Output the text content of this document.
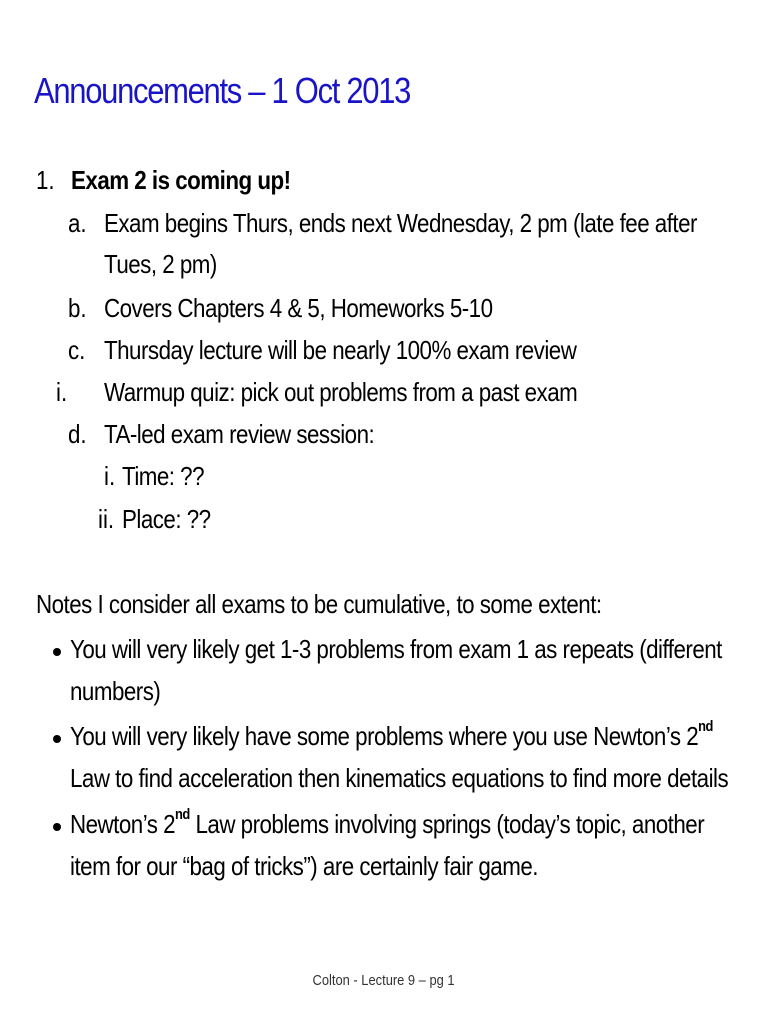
Announcements – 1 Oct 2013
1. Exam 2 is coming up!
a. Exam begins Thurs, ends next Wednesday, 2 pm (late fee after
Tues, 2 pm)
b. Covers Chapters 4 & 5, Homeworks 5-10
c. Thursday lecture will be nearly 100% exam review
i. Warmup quiz: pick out problems from a past exam
d. TA-led exam review session:
i. Time: ??
ii. Place: ??
Notes I consider all exams to be cumulative, to some extent:
You will very likely get 1-3 problems from exam 1 as repeats (different
numbers)
You will very likely have some problems where you use Newton’s 2nd
Law to find acceleration then kinematics equations to find more details
Newton’s 2nd Law problems involving springs (today’s topic, another
item for our “bag of tricks”) are certainly fair game.
Colton - Lecture 9 – pg 1
